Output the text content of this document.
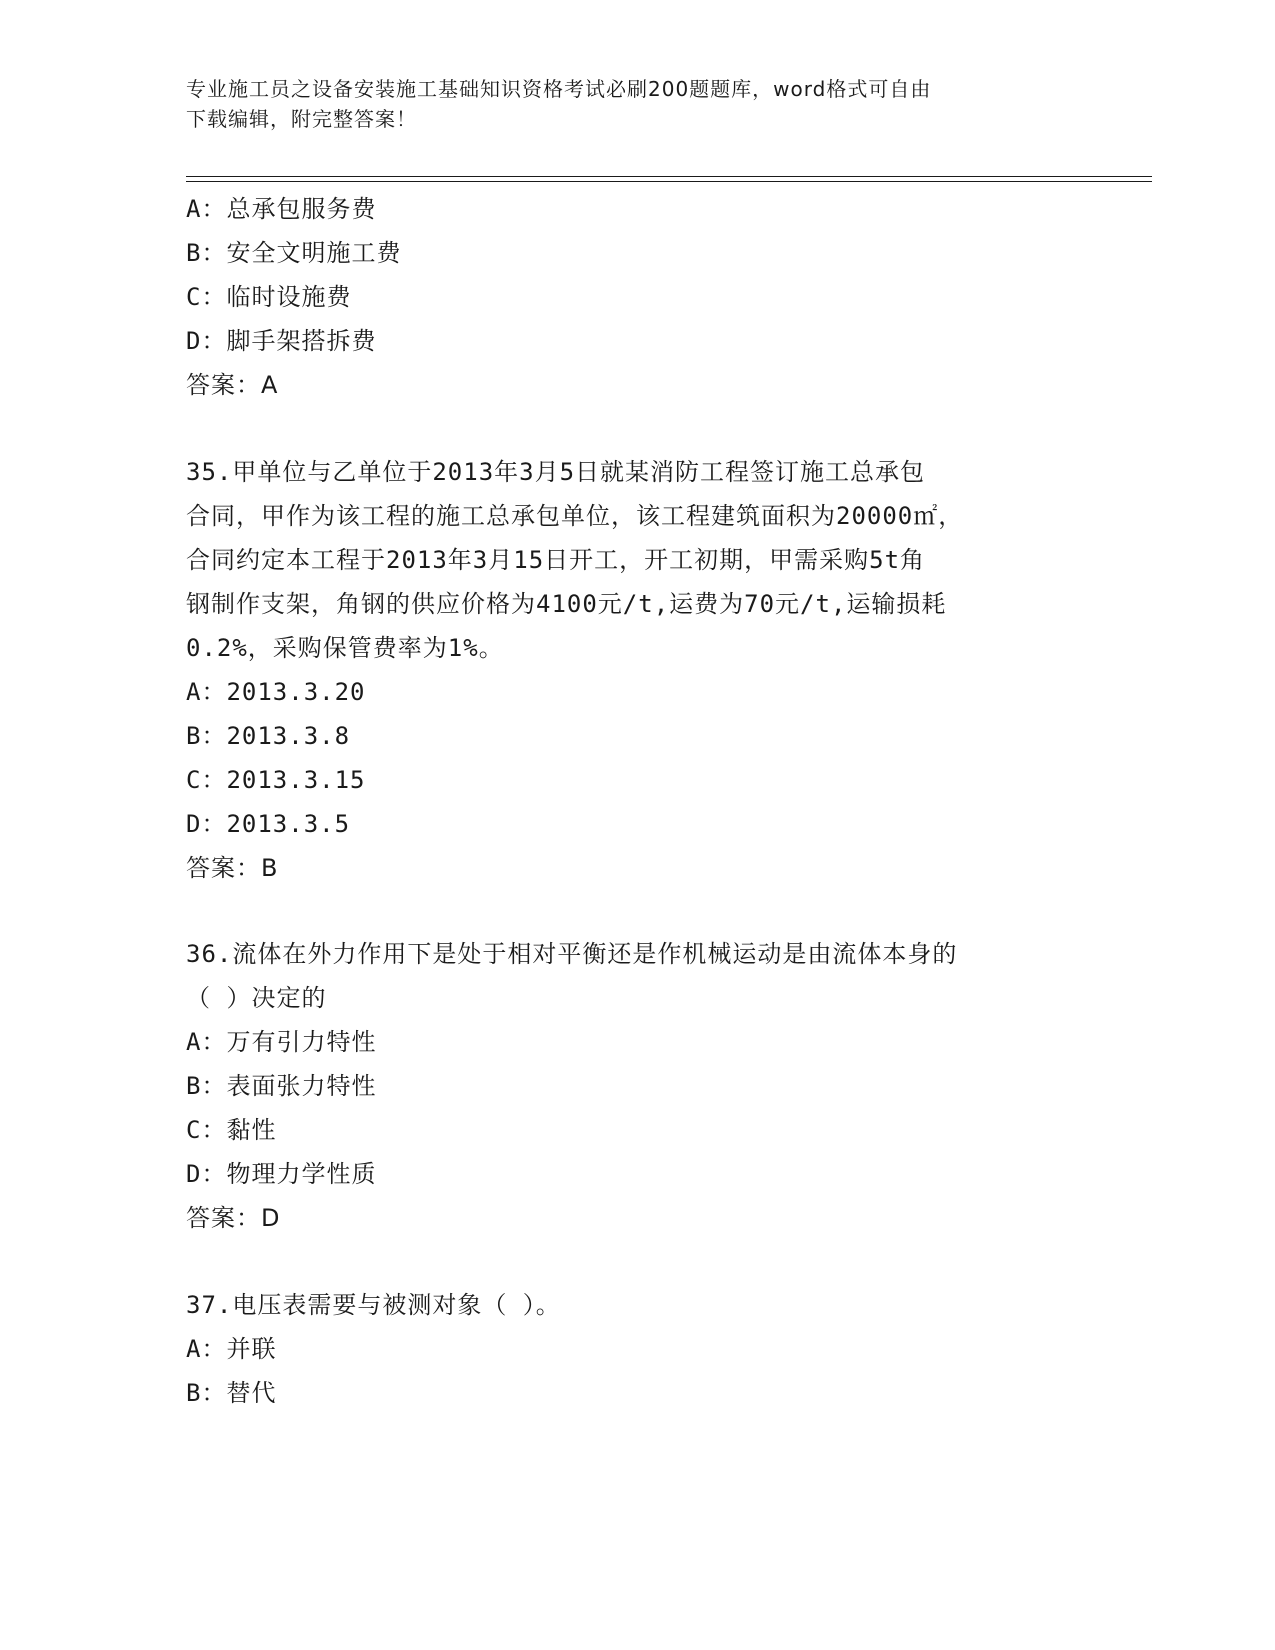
专业施工员之设备安装施工基础知识资格考试必刷200题题库，word格式可自由
下载编辑，附完整答案！
A：总承包服务费
B：安全文明施工费
C：临时设施费
D：脚手架搭拆费
答案：A
35.甲单位与乙单位于2013年3月5日就某消防工程签订施工总承包
合同，甲作为该工程的施工总承包单位，该工程建筑面积为20000㎡，
合同约定本工程于2013年3月15日开工，开工初期，甲需采购5t角
钢制作支架，角钢的供应价格为4100元/t,运费为70元/t,运输损耗
0.2%，采购保管费率为1%。
A：2013.3.20
B：2013.3.8
C：2013.3.15
D：2013.3.5
答案：B
36.流体在外力作用下是处于相对平衡还是作机械运动是由流体本身的
（ ）决定的
A：万有引力特性
B：表面张力特性
C：黏性
D：物理力学性质
答案：D
37.电压表需要与被测对象（ ）。
A：并联
B：替代
